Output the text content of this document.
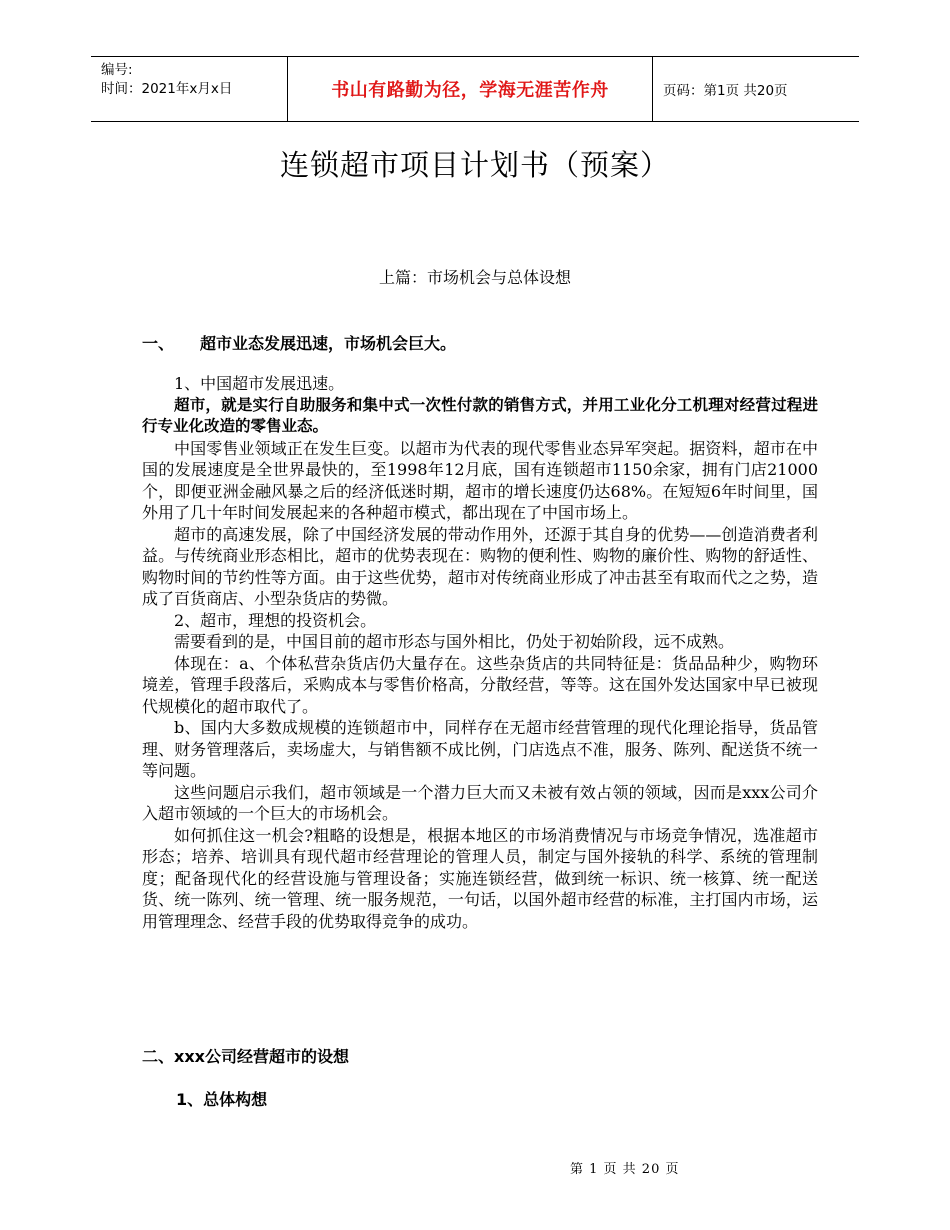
编号:
时间：2021年x月x日	书山有路勤为径，学海无涯苦作舟	页码：第1页 共20页
连锁超市项目计划书（预案）
上篇：市场机会与总体设想
一、 超市业态发展迅速，市场机会巨大。

1、中国超市发展迅速。

超市，就是实行自助服务和集中式一次性付款的销售方式，并用工业化分工机理对经营过程进行专业化改造的零售业态。

中国零售业领域正在发生巨变。以超市为代表的现代零售业态异军突起。据资料，超市在中国的发展速度是全世界最快的，至1998年12月底，国有连锁超市1150余家，拥有门店21000个，即便亚洲金融风暴之后的经济低迷时期，超市的增长速度仍达68%。在短短6年时间里，国外用了几十年时间发展起来的各种超市模式，都出现在了中国市场上。

超市的高速发展，除了中国经济发展的带动作用外，还源于其自身的优势——创造消费者利益。与传统商业形态相比，超市的优势表现在：购物的便利性、购物的廉价性、购物的舒适性、购物时间的节约性等方面。由于这些优势，超市对传统商业形成了冲击甚至有取而代之之势，造成了百货商店、小型杂货店的势微。

2、超市，理想的投资机会。

需要看到的是，中国目前的超市形态与国外相比，仍处于初始阶段，远不成熟。

体现在：a、个体私营杂货店仍大量存在。这些杂货店的共同特征是：货品品种少，购物环境差，管理手段落后，采购成本与零售价格高，分散经营，等等。这在国外发达国家中早已被现代规模化的超市取代了。

b、国内大多数成规模的连锁超市中，同样存在无超市经营管理的现代化理论指导，货品管理、财务管理落后，卖场虚大，与销售额不成比例，门店选点不准，服务、陈列、配送货不统一等问题。

这些问题启示我们，超市领域是一个潜力巨大而又未被有效占领的领域，因而是xxx公司介入超市领域的一个巨大的市场机会。

如何抓住这一机会?粗略的设想是，根据本地区的市场消费情况与市场竞争情况，选准超市形态；培养、培训具有现代超市经营理论的管理人员，制定与国外接轨的科学、系统的管理制度；配备现代化的经营设施与管理设备；实施连锁经营，做到统一标识、统一核算、统一配送货、统一陈列、统一管理、统一服务规范，一句话，以国外超市经营的标准，主打国内市场，运用管理理念、经营手段的优势取得竞争的成功。

二、xxx公司经营超市的设想
1、总体构想
第 1 页 共 20 页
